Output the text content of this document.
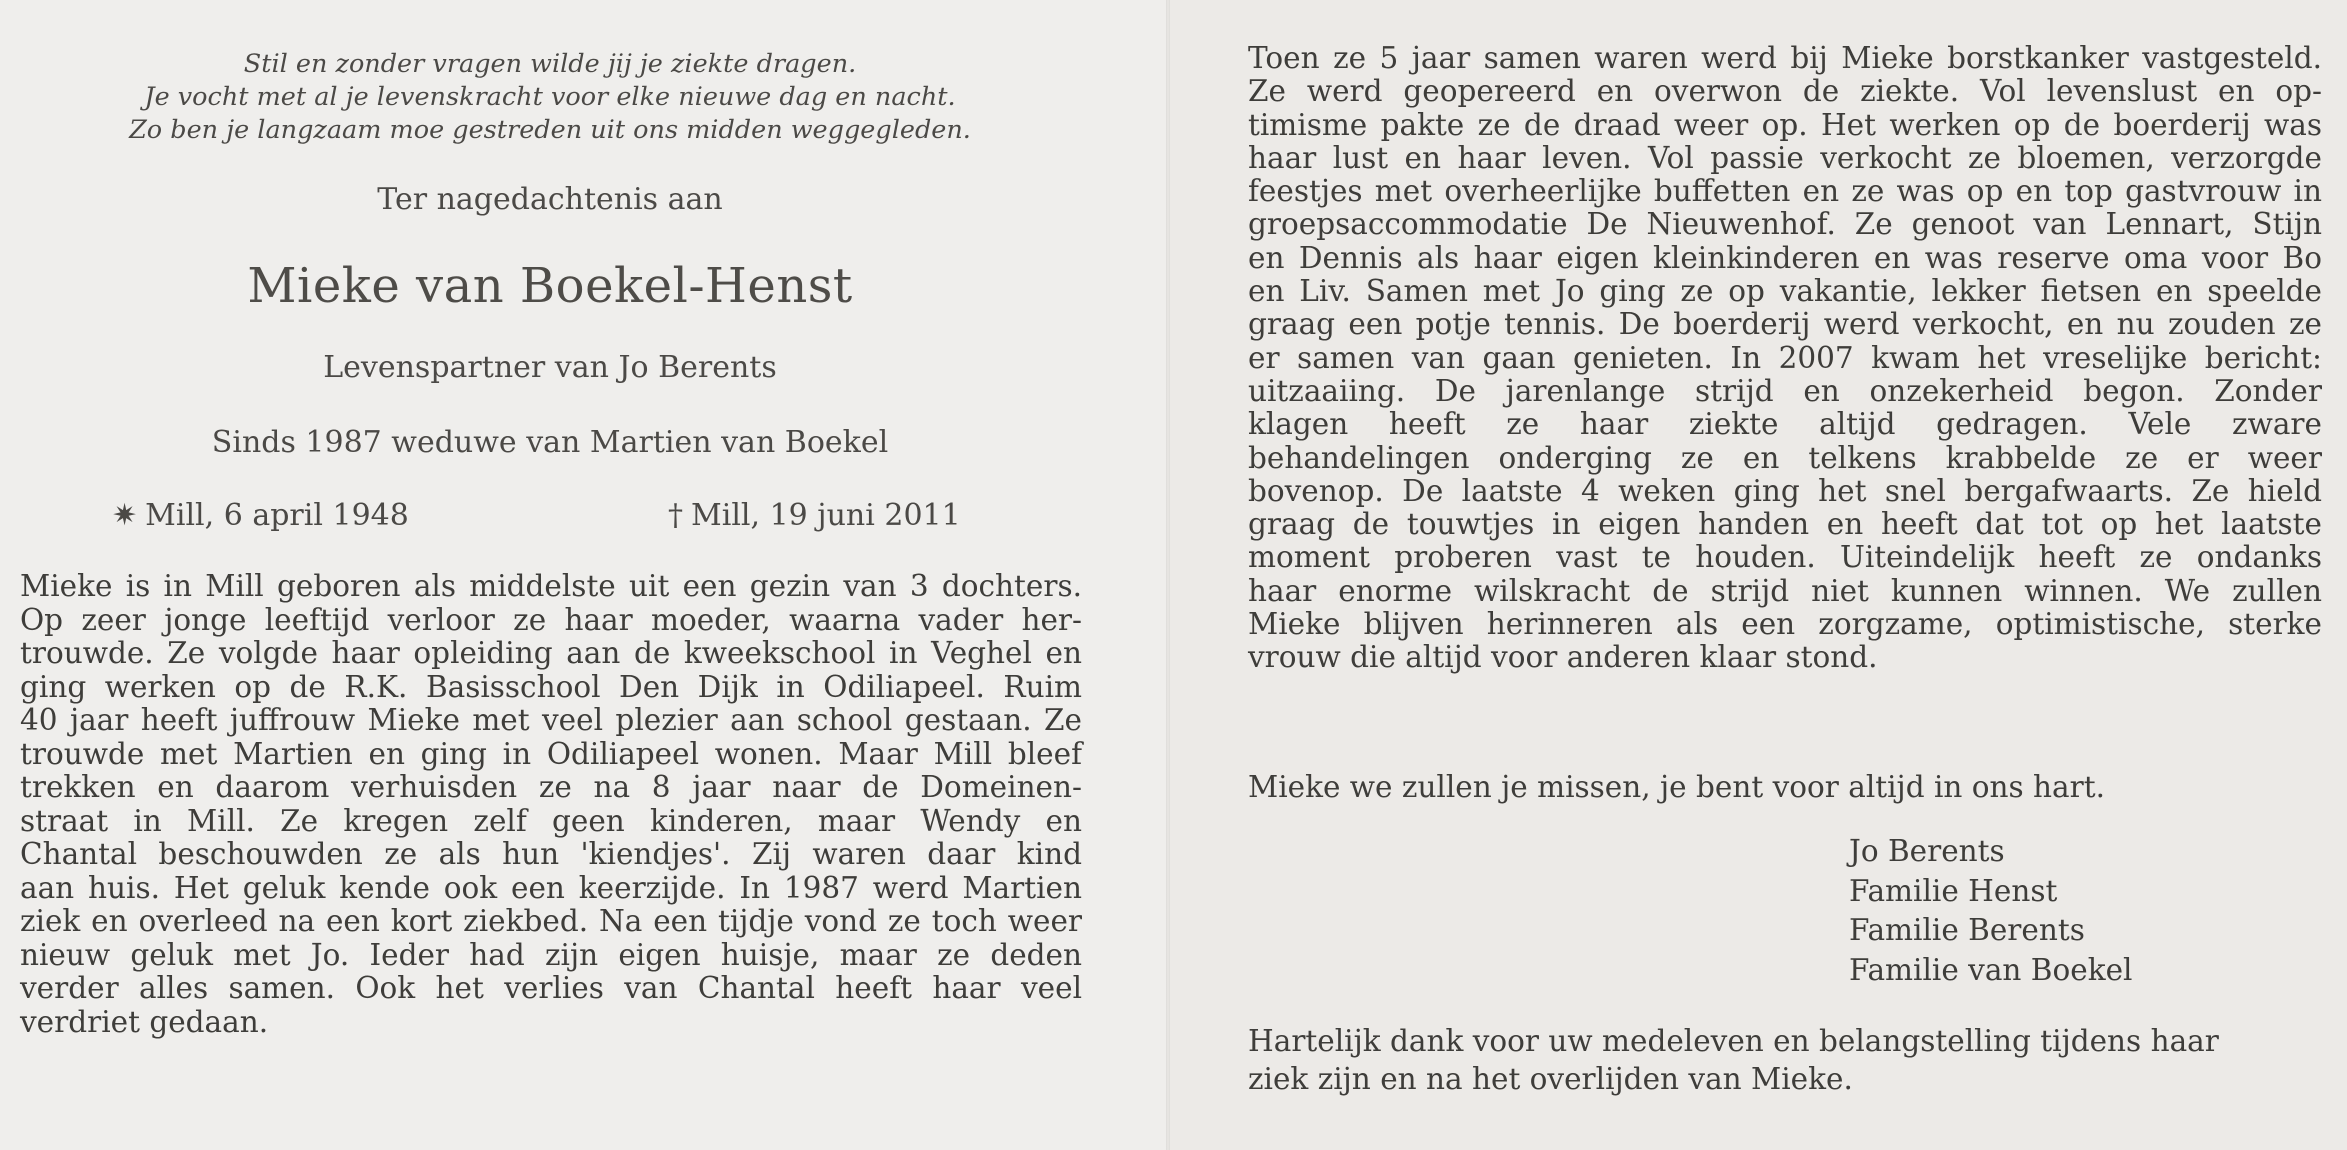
Stil en zonder vragen wilde jij je ziekte dragen.
Je vocht met al je levenskracht voor elke nieuwe dag en nacht.
Zo ben je langzaam moe gestreden uit ons midden weggegleden.
Ter nagedachtenis aan
Mieke van Boekel-Henst
Levenspartner van Jo Berents
Sinds 1987 weduwe van Martien van Boekel
✷ Mill, 6 april 1948	† Mill, 19 juni 2011
Mieke is in Mill geboren als middelste uit een gezin van 3 dochters.
Op zeer jonge leeftijd verloor ze haar moeder, waarna vader her-
trouwde. Ze volgde haar opleiding aan de kweekschool in Veghel en
ging werken op de R.K. Basisschool Den Dijk in Odiliapeel. Ruim
40 jaar heeft juffrouw Mieke met veel plezier aan school gestaan. Ze
trouwde met Martien en ging in Odiliapeel wonen. Maar Mill bleef
trekken en daarom verhuisden ze na 8 jaar naar de Domeinen-
straat in Mill. Ze kregen zelf geen kinderen, maar Wendy en
Chantal beschouwden ze als hun 'kiendjes'. Zij waren daar kind
aan huis. Het geluk kende ook een keerzijde. In 1987 werd Martien
ziek en overleed na een kort ziekbed. Na een tijdje vond ze toch weer
nieuw geluk met Jo. Ieder had zijn eigen huisje, maar ze deden
verder alles samen. Ook het verlies van Chantal heeft haar veel
verdriet gedaan.
Toen ze 5 jaar samen waren werd bij Mieke borstkanker vastgesteld.
Ze werd geopereerd en overwon de ziekte. Vol levenslust en op-
timisme pakte ze de draad weer op. Het werken op de boerderij was
haar lust en haar leven. Vol passie verkocht ze bloemen, verzorgde
feestjes met overheerlijke buffetten en ze was op en top gastvrouw in
groepsaccommodatie De Nieuwenhof. Ze genoot van Lennart, Stijn
en Dennis als haar eigen kleinkinderen en was reserve oma voor Bo
en Liv. Samen met Jo ging ze op vakantie, lekker fietsen en speelde
graag een potje tennis. De boerderij werd verkocht, en nu zouden ze
er samen van gaan genieten. In 2007 kwam het vreselijke bericht:
uitzaaiing. De jarenlange strijd en onzekerheid begon. Zonder
klagen heeft ze haar ziekte altijd gedragen. Vele zware
behandelingen onderging ze en telkens krabbelde ze er weer
bovenop. De laatste 4 weken ging het snel bergafwaarts. Ze hield
graag de touwtjes in eigen handen en heeft dat tot op het laatste
moment proberen vast te houden. Uiteindelijk heeft ze ondanks
haar enorme wilskracht de strijd niet kunnen winnen. We zullen
Mieke blijven herinneren als een zorgzame, optimistische, sterke
vrouw die altijd voor anderen klaar stond.
Mieke we zullen je missen, je bent voor altijd in ons hart.
Jo Berents
Familie Henst
Familie Berents
Familie van Boekel
Hartelijk dank voor uw medeleven en belangstelling tijdens haar
ziek zijn en na het overlijden van Mieke.
